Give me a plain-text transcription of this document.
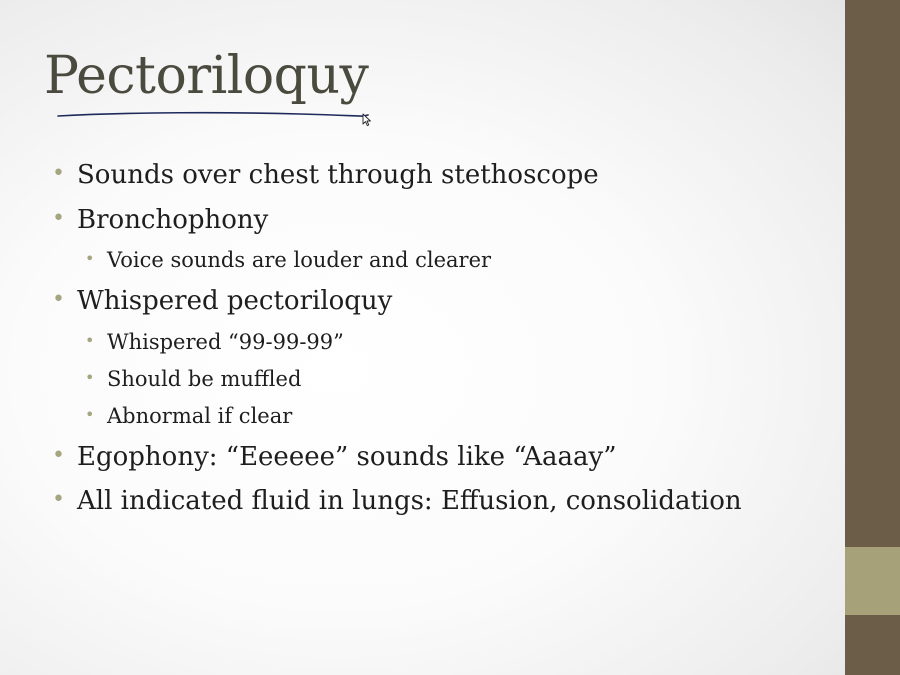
Pectoriloquy
• Sounds over chest through stethoscope
• Bronchophony
• Voice sounds are louder and clearer
• Whispered pectoriloquy
• Whispered “99-99-99”
• Should be muffled
• Abnormal if clear
• Egophony: “Eeeeee” sounds like “Aaaay”
• All indicated fluid in lungs: Effusion, consolidation
